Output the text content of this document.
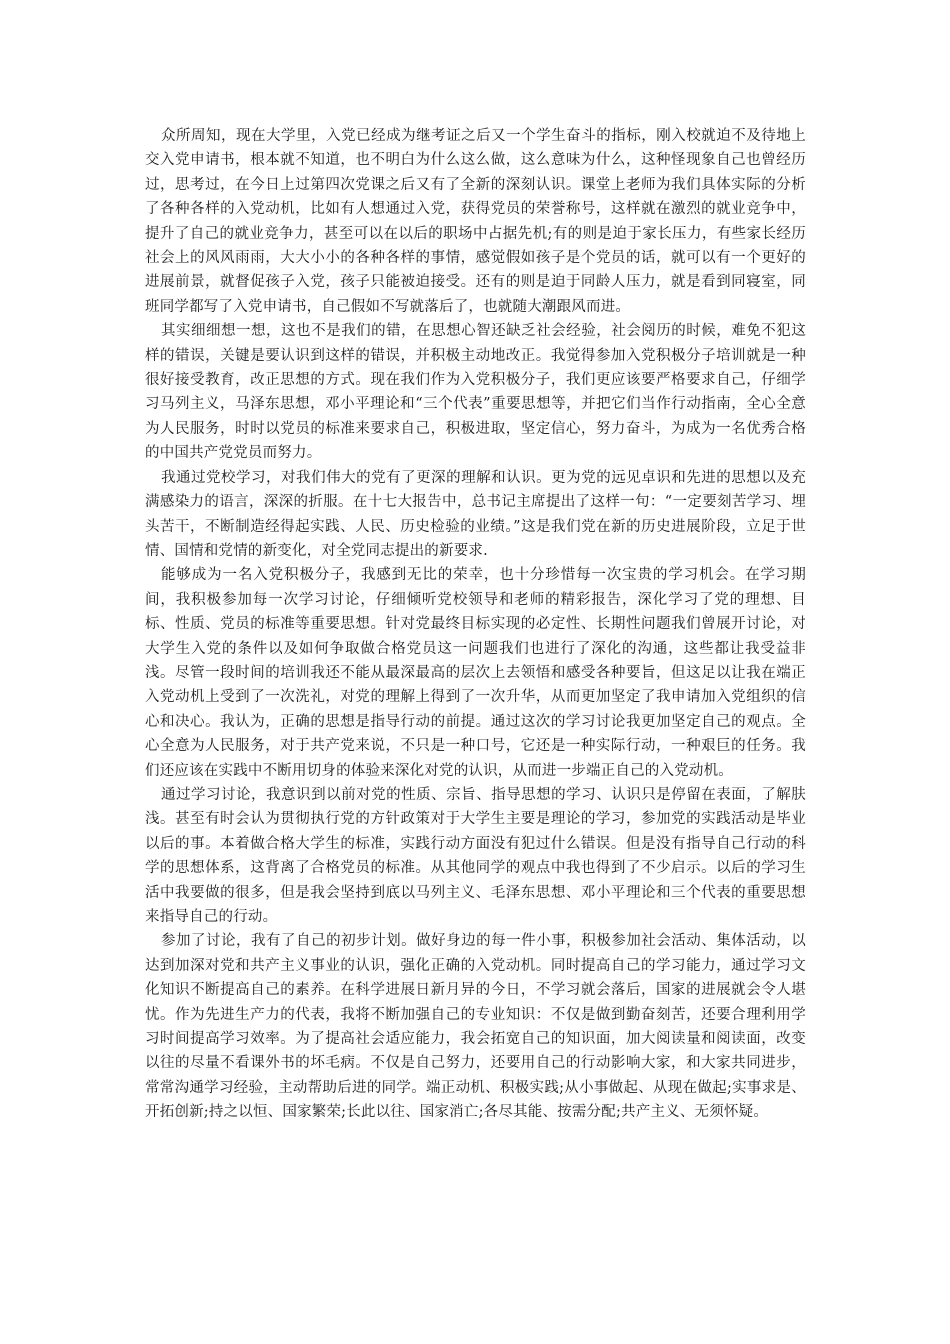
众所周知，现在大学里，入党已经成为继考证之后又一个学生奋斗的指标，刚入校就迫不及待地上交入党申请书，根本就不知道，也不明白为什么这么做，这么意味为什么，这种怪现象自己也曾经历过，思考过，在今日上过第四次党课之后又有了全新的深刻认识。课堂上老师为我们具体实际的分析了各种各样的入党动机，比如有人想通过入党，获得党员的荣誉称号，这样就在激烈的就业竞争中，提升了自己的就业竞争力，甚至可以在以后的职场中占据先机;有的则是迫于家长压力，有些家长经历社会上的风风雨雨，大大小小的各种各样的事情，感觉假如孩子是个党员的话，就可以有一个更好的进展前景，就督促孩子入党，孩子只能被迫接受。还有的则是迫于同龄人压力，就是看到同寝室，同班同学都写了入党申请书，自己假如不写就落后了，也就随大潮跟风而进。

其实细细想一想，这也不是我们的错，在思想心智还缺乏社会经验，社会阅历的时候，难免不犯这样的错误，关键是要认识到这样的错误，并积极主动地改正。我觉得参加入党积极分子培训就是一种很好接受教育，改正思想的方式。现在我们作为入党积极分子，我们更应该要严格要求自己，仔细学习马列主义，马泽东思想，邓小平理论和“三个代表”重要思想等，并把它们当作行动指南，全心全意为人民服务，时时以党员的标准来要求自己，积极进取，坚定信心，努力奋斗，为成为一名优秀合格的中国共产党党员而努力。

我通过党校学习，对我们伟大的党有了更深的理解和认识。更为党的远见卓识和先进的思想以及充满感染力的语言，深深的折服。在十七大报告中，总书记主席提出了这样一句：“一定要刻苦学习、埋头苦干，不断制造经得起实践、人民、历史检验的业绩。”这是我们党在新的历史进展阶段，立足于世情、国情和党情的新变化，对全党同志提出的新要求.

能够成为一名入党积极分子，我感到无比的荣幸，也十分珍惜每一次宝贵的学习机会。在学习期间，我积极参加每一次学习讨论，仔细倾听党校领导和老师的精彩报告，深化学习了党的理想、目标、性质、党员的标准等重要思想。针对党最终目标实现的必定性、长期性问题我们曾展开讨论，对大学生入党的条件以及如何争取做合格党员这一问题我们也进行了深化的沟通，这些都让我受益非浅。尽管一段时间的培训我还不能从最深最高的层次上去领悟和感受各种要旨，但这足以让我在端正入党动机上受到了一次洗礼，对党的理解上得到了一次升华，从而更加坚定了我申请加入党组织的信心和决心。我认为，正确的思想是指导行动的前提。通过这次的学习讨论我更加坚定自己的观点。全心全意为人民服务，对于共产党来说，不只是一种口号，它还是一种实际行动，一种艰巨的任务。我们还应该在实践中不断用切身的体验来深化对党的认识，从而进一步端正自己的入党动机。

通过学习讨论，我意识到以前对党的性质、宗旨、指导思想的学习、认识只是停留在表面，了解肤浅。甚至有时会认为贯彻执行党的方针政策对于大学生主要是理论的学习，参加党的实践活动是毕业以后的事。本着做合格大学生的标准，实践行动方面没有犯过什么错误。但是没有指导自己行动的科学的思想体系，这背离了合格党员的标准。从其他同学的观点中我也得到了不少启示。以后的学习生活中我要做的很多，但是我会坚持到底以马列主义、毛泽东思想、邓小平理论和三个代表的重要思想来指导自己的行动。

参加了讨论，我有了自己的初步计划。做好身边的每一件小事，积极参加社会活动、集体活动，以达到加深对党和共产主义事业的认识，强化正确的入党动机。同时提高自己的学习能力，通过学习文化知识不断提高自己的素养。在科学进展日新月异的今日，不学习就会落后，国家的进展就会令人堪忧。作为先进生产力的代表，我将不断加强自己的专业知识：不仅是做到勤奋刻苦，还要合理利用学习时间提高学习效率。为了提高社会适应能力，我会拓宽自己的知识面，加大阅读量和阅读面，改变以往的尽量不看课外书的坏毛病。不仅是自己努力，还要用自己的行动影响大家，和大家共同进步，常常沟通学习经验，主动帮助后进的同学。端正动机、积极实践;从小事做起、从现在做起;实事求是、开拓创新;持之以恒、国家繁荣;长此以往、国家消亡;各尽其能、按需分配;共产主义、无须怀疑。
